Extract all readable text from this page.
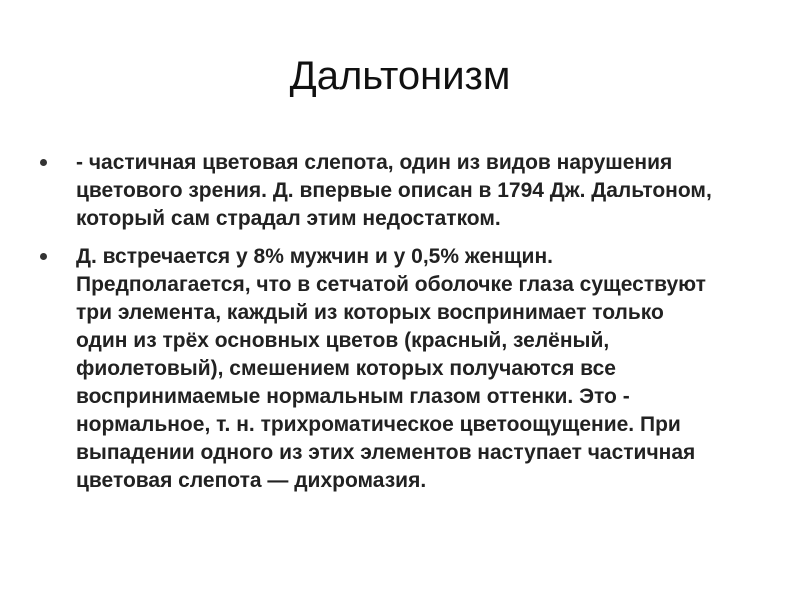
Дальтонизм
- частичная цветовая слепота, один из видов нарушения цветового зрения. Д. впервые описан в 1794 Дж. Дальтоном, который сам страдал этим недостатком.
Д. встречается у 8% мужчин и у 0,5% женщин. Предполагается, что в сетчатой оболочке глаза существуют три элемента, каждый из которых воспринимает только один из трёх основных цветов (красный, зелёный, фиолетовый), смешением которых получаются все воспринимаемые нормальным глазом оттенки. Это - нормальное, т. н. трихроматическое цветоощущение. При выпадении одного из этих элементов наступает частичная цветовая слепота — дихромазия.
